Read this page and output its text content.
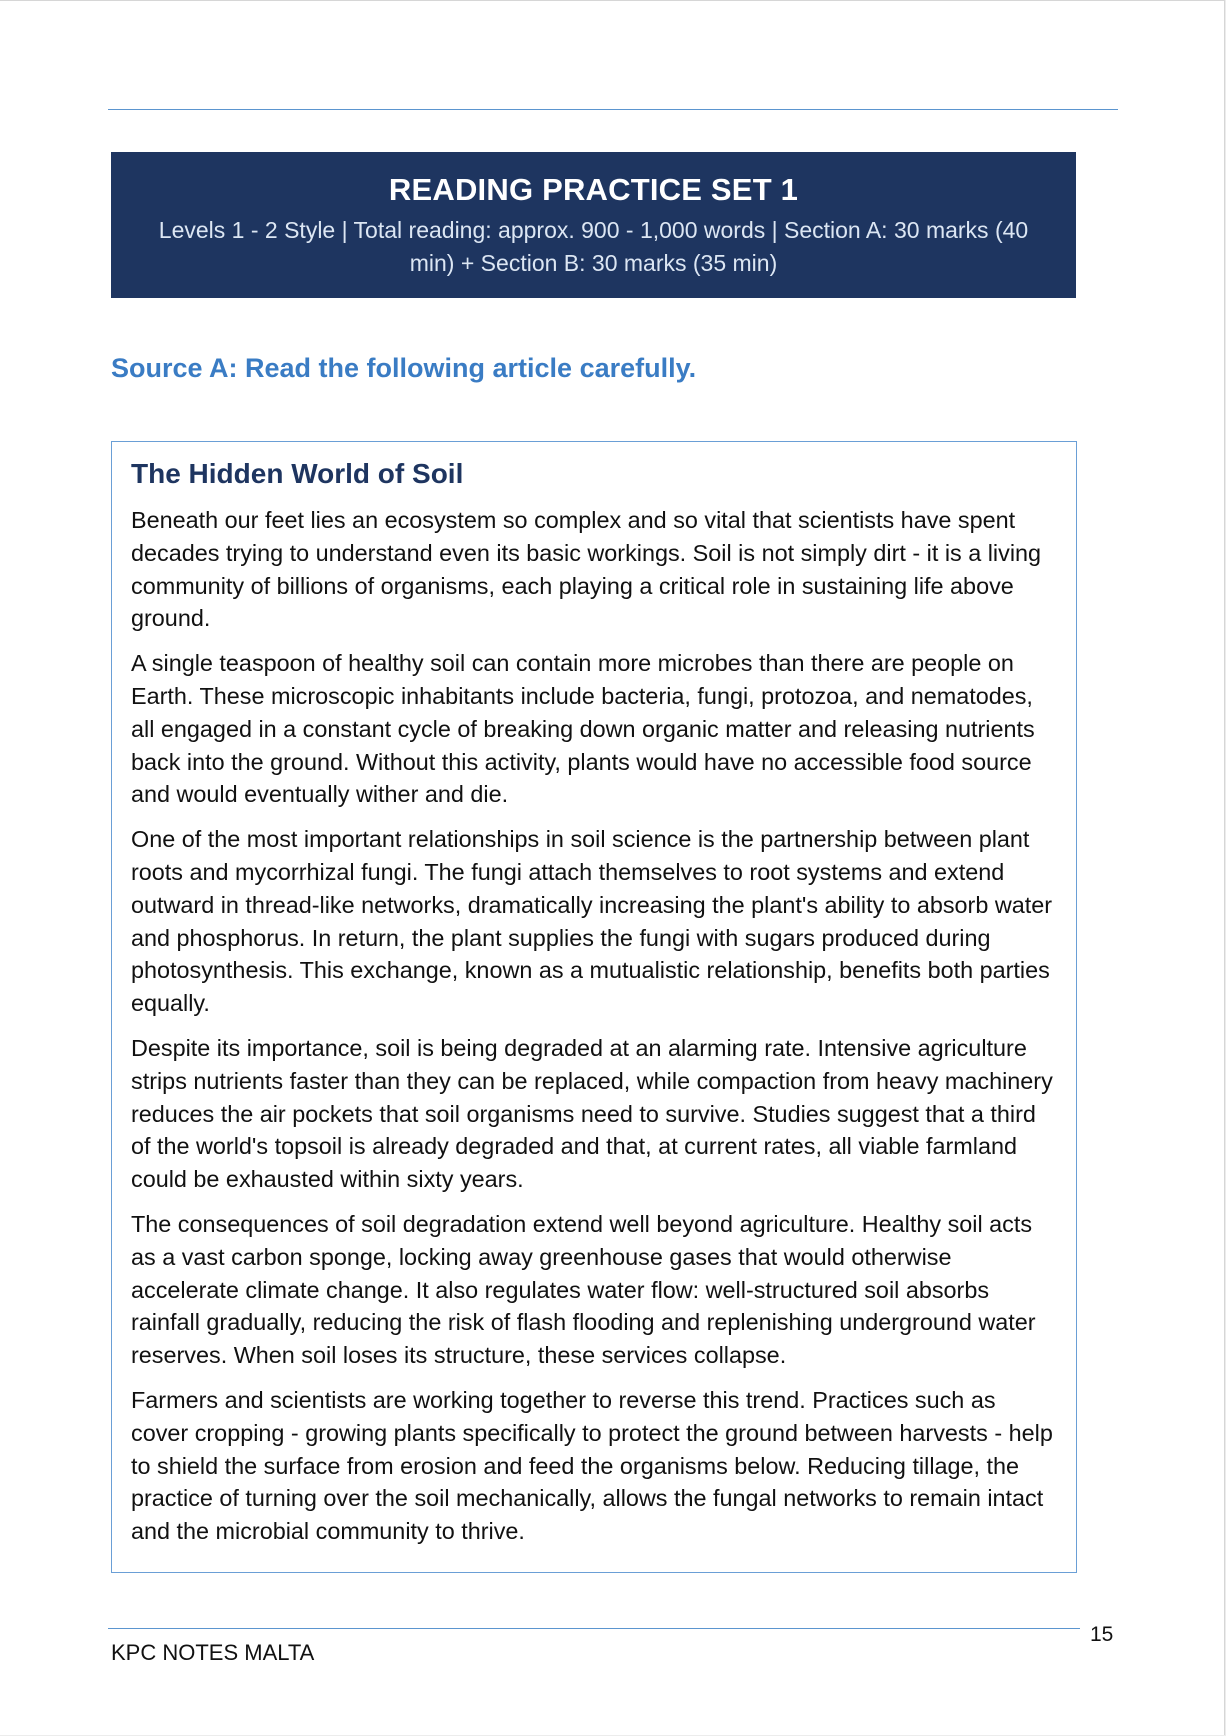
READING PRACTICE SET 1
Levels 1 - 2 Style | Total reading: approx. 900 - 1,000 words | Section A: 30 marks (40 min) + Section B: 30 marks (35 min)
Source A: Read the following article carefully.
The Hidden World of Soil

Beneath our feet lies an ecosystem so complex and so vital that scientists have spent decades trying to understand even its basic workings. Soil is not simply dirt - it is a living community of billions of organisms, each playing a critical role in sustaining life above ground.

A single teaspoon of healthy soil can contain more microbes than there are people on Earth. These microscopic inhabitants include bacteria, fungi, protozoa, and nematodes, all engaged in a constant cycle of breaking down organic matter and releasing nutrients back into the ground. Without this activity, plants would have no accessible food source and would eventually wither and die.

One of the most important relationships in soil science is the partnership between plant roots and mycorrhizal fungi. The fungi attach themselves to root systems and extend outward in thread-like networks, dramatically increasing the plant's ability to absorb water and phosphorus. In return, the plant supplies the fungi with sugars produced during photosynthesis. This exchange, known as a mutualistic relationship, benefits both parties equally.

Despite its importance, soil is being degraded at an alarming rate. Intensive agriculture strips nutrients faster than they can be replaced, while compaction from heavy machinery reduces the air pockets that soil organisms need to survive. Studies suggest that a third of the world's topsoil is already degraded and that, at current rates, all viable farmland could be exhausted within sixty years.

The consequences of soil degradation extend well beyond agriculture. Healthy soil acts as a vast carbon sponge, locking away greenhouse gases that would otherwise accelerate climate change. It also regulates water flow: well-structured soil absorbs rainfall gradually, reducing the risk of flash flooding and replenishing underground water reserves. When soil loses its structure, these services collapse.

Farmers and scientists are working together to reverse this trend. Practices such as cover cropping - growing plants specifically to protect the ground between harvests - help to shield the surface from erosion and feed the organisms below. Reducing tillage, the practice of turning over the soil mechanically, allows the fungal networks to remain intact and the microbial community to thrive.

KPC NOTES MALTA
15
